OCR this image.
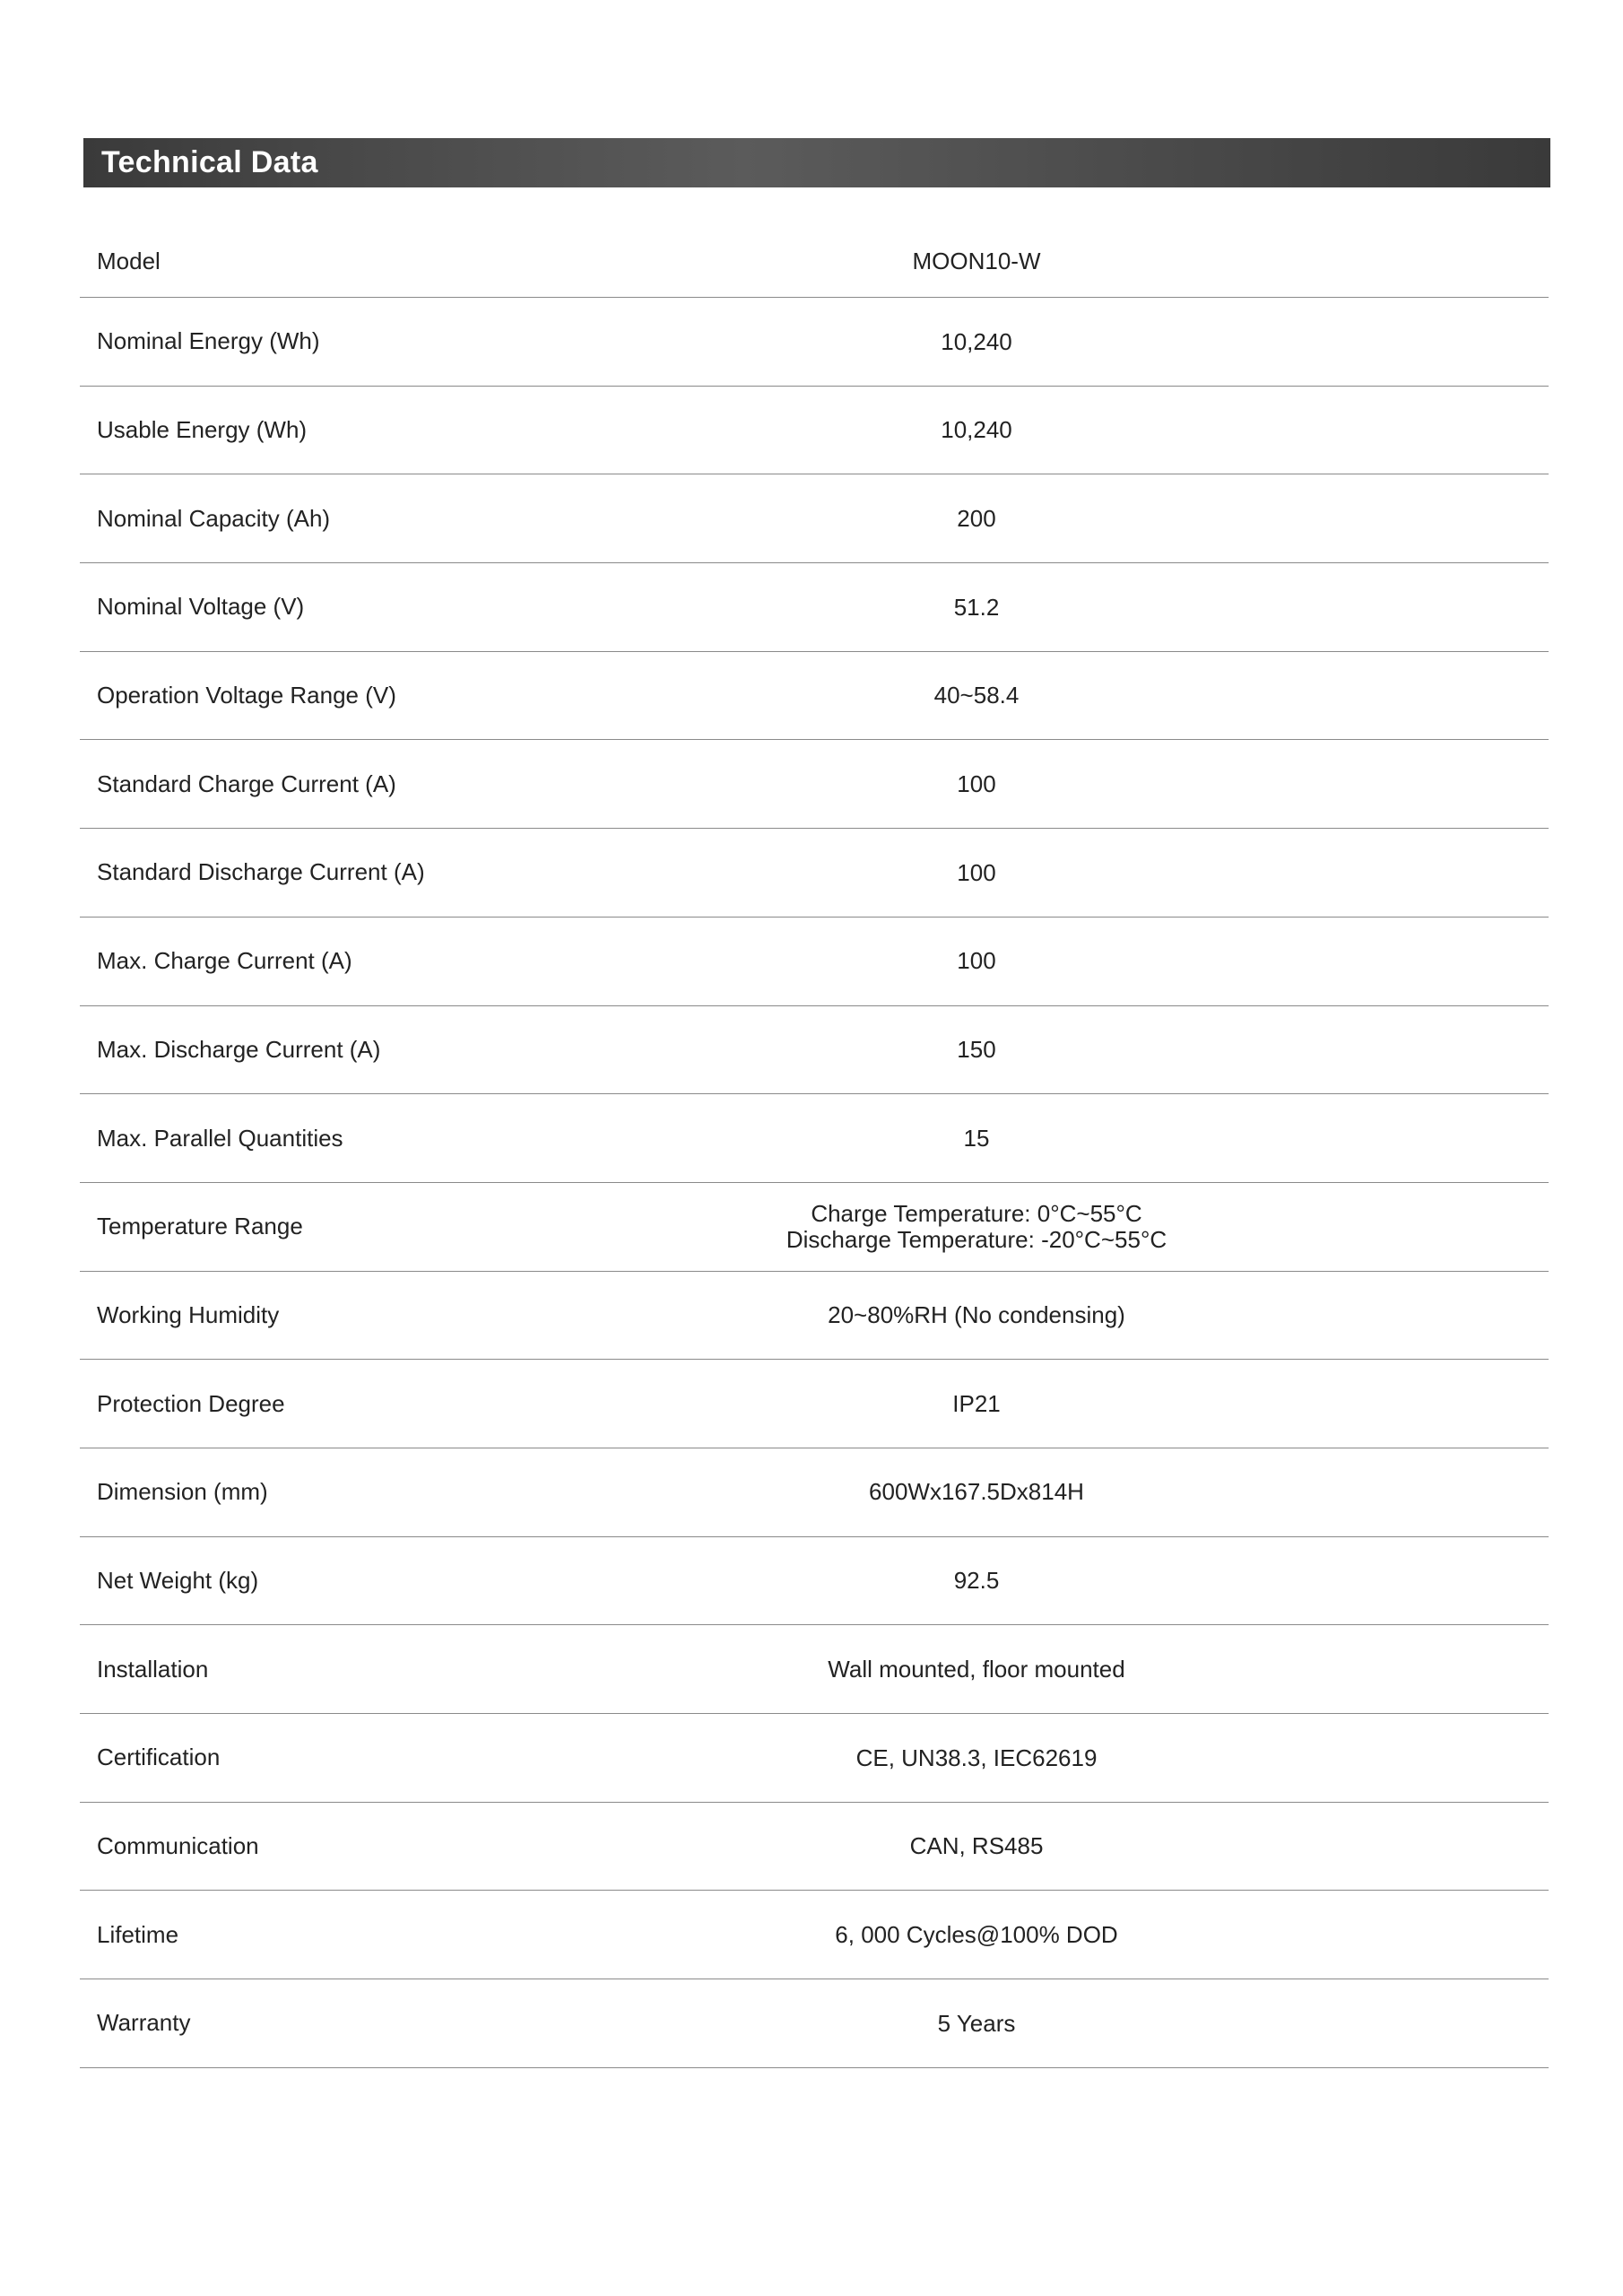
Technical Data
Model	MOON10-W
Nominal Energy (Wh)	10,240
Usable Energy (Wh)	10,240
Nominal Capacity (Ah)	200
Nominal Voltage (V)	51.2
Operation Voltage Range (V)	40~58.4
Standard Charge Current (A)	100
Standard Discharge Current (A)	100
Max. Charge Current (A)	100
Max. Discharge Current (A)	150
Max. Parallel Quantities	15
Temperature Range	Charge Temperature: 0°C~55°C
Discharge Temperature: -20°C~55°C
Working Humidity	20~80%RH (No condensing)
Protection Degree	IP21
Dimension (mm)	600Wx167.5Dx814H
Net Weight (kg)	92.5
Installation	Wall mounted, floor mounted
Certification	CE, UN38.3, IEC62619
Communication	CAN, RS485
Lifetime	6, 000 Cycles@100% DOD
Warranty	5 Years
